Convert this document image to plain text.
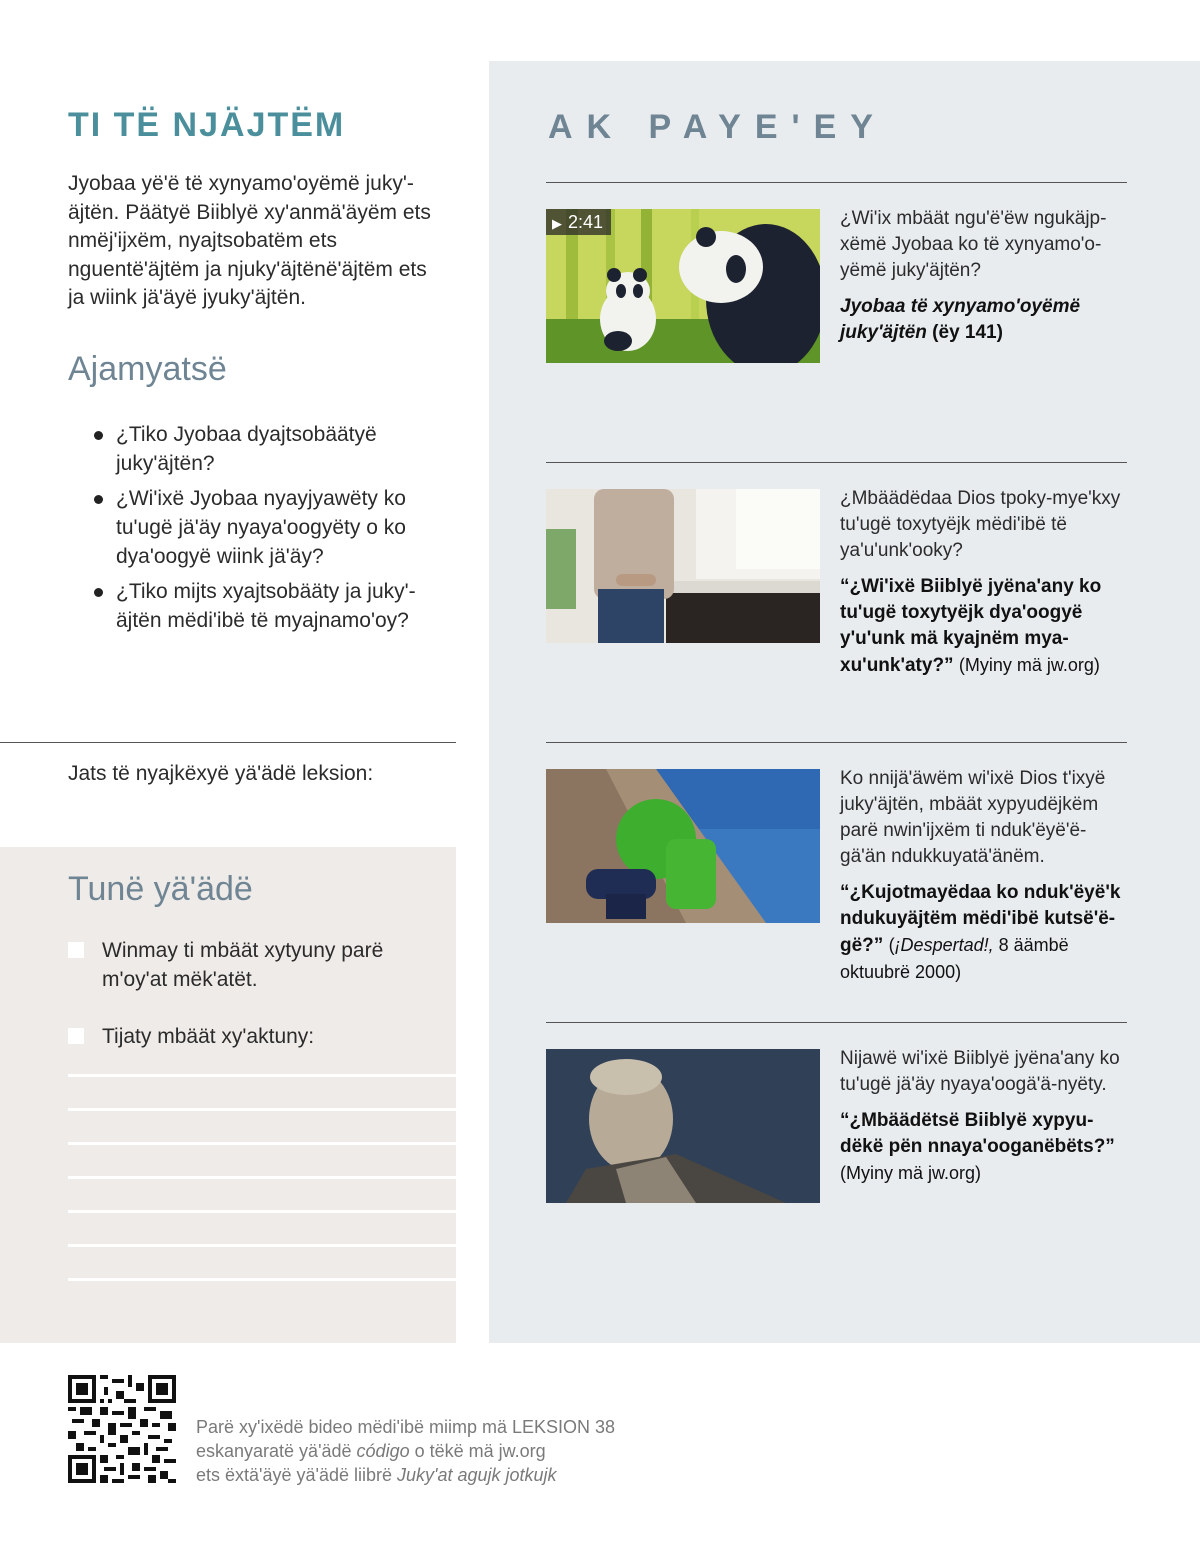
TI TË NJÄJTËM

Jyobaa yë'ë të xynyamo'oyëmë juky'-äjtën. Päätyë Biiblyë xy'anmä'äyëm ets nmëj'ijxëm, nyajtsobatëm ets nguentë'äjtëm ja njuky'äjtënë'äjtëm ets ja wiink jä'äyë jyuky'äjtën.

Ajamyatsë
¿Tiko Jyobaa dyajtsobäätyë juky'äjtën?
¿Wi'ixë Jyobaa nyayjyawëty ko tu'ugë jä'äy nyaya'oogyëty o ko dya'oogyë wiink jä'äy?
¿Tiko mijts xyajtsobääty ja juky'-äjtën mëdi'ibë të myajnamo'oy?
Jats të nyajkëxyë yä'ädë leksion:
Tunë yä'ädë
Winmay ti mbäät xytyuny parë m'oy'at mëk'atët.
Tijaty mbäät xy'aktuny:
AK PAYE'EY
▶ 2:41	¿Wi'ix mbäät ngu'ë'ëw ngukäjp-xëmë Jyobaa ko të xynyamo'o-yëmë juky'äjtën?

Jyobaa të xynyamo'oyëmë juky'äjtën (ëy 141)

¿Mbäädëdaa Dios tpoky-mye'kxy tu'ugë toxytyëjk mëdi'ibë të ya'u'unk'ooky?

“¿Wi'ixë Biiblyë jyëna'any ko tu'ugë toxytyëjk dya'oogyë y'u'unk mä kyajnëm mya-xu'unk'aty?” (Myiny mä jw.org)

Ko nnijä'äwëm wi'ixë Dios t'ixyë juky'äjtën, mbäät xypyudëjkëm parë nwin'ijxëm ti nduk'ëyë'ë-gä'än ndukkuyatä'änëm.

“¿Kujotmayëdaa ko nduk'ëyë'k ndukuyäjtëm mëdi'ibë kutsë'ë-gë?” (¡Despertad!, 8 äämbë oktuubrë 2000)

Nijawë wi'ixë Biiblyë jyëna'any ko tu'ugë jä'äy nyaya'oogä'ä-nyëty.

“¿Mbäädëtsë Biiblyë xypyu-dëkë pën nnaya'ooganëbëts?” (Myiny mä jw.org)

Parë xy'ixëdë bideo mëdi'ibë miimp mä LEKSION 38
eskanyaratë yä'ädë código o tëkë mä jw.org
ets ëxtä'äyë yä'ädë liibrë Juky'at agujk jotkujk
